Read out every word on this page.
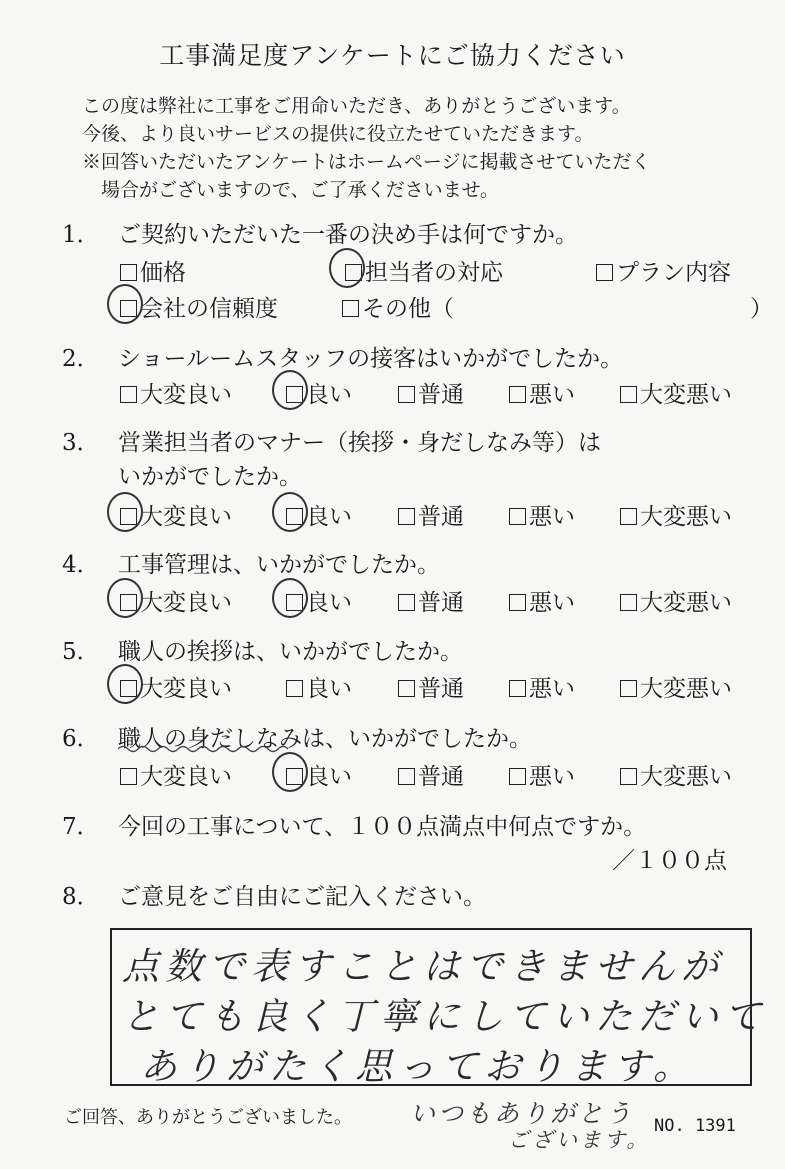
工事満足度アンケートにご協力ください
この度は弊社に工事をご用命いただき、ありがとうございます。
今後、より良いサービスの提供に役立たせていただきます。
※回答いただいたアンケートはホームページに掲載させていただく
　場合がございますので、ご了承くださいませ。
1． ご契約いただいた一番の決め手は何ですか。
価格	担当者の対応	プラン内容
会社の信頼度	その他（	）
2． ショールームスタッフの接客はいかがでしたか。
大変良い	良い	普通	悪い	大変悪い
3． 営業担当者のマナー（挨拶・身だしなみ等）は
いかがでしたか。
大変良い	良い	普通	悪い	大変悪い
4． 工事管理は、いかがでしたか。
大変良い	良い	普通	悪い	大変悪い
5． 職人の挨拶は、いかがでしたか。
大変良い	良い	普通	悪い	大変悪い
6． 職人の身だしなみは、いかがでしたか。
大変良い	良い	普通	悪い	大変悪い
7． 今回の工事について、１００点満点中何点ですか。
／１００点
8． ご意見をご自由にご記入ください。
点数で表すことはできませんが
とても良く丁寧にしていただいて
ありがたく思っております。
ご回答、ありがとうございました。 いつもありがとう
ございます。
NO. 1391
